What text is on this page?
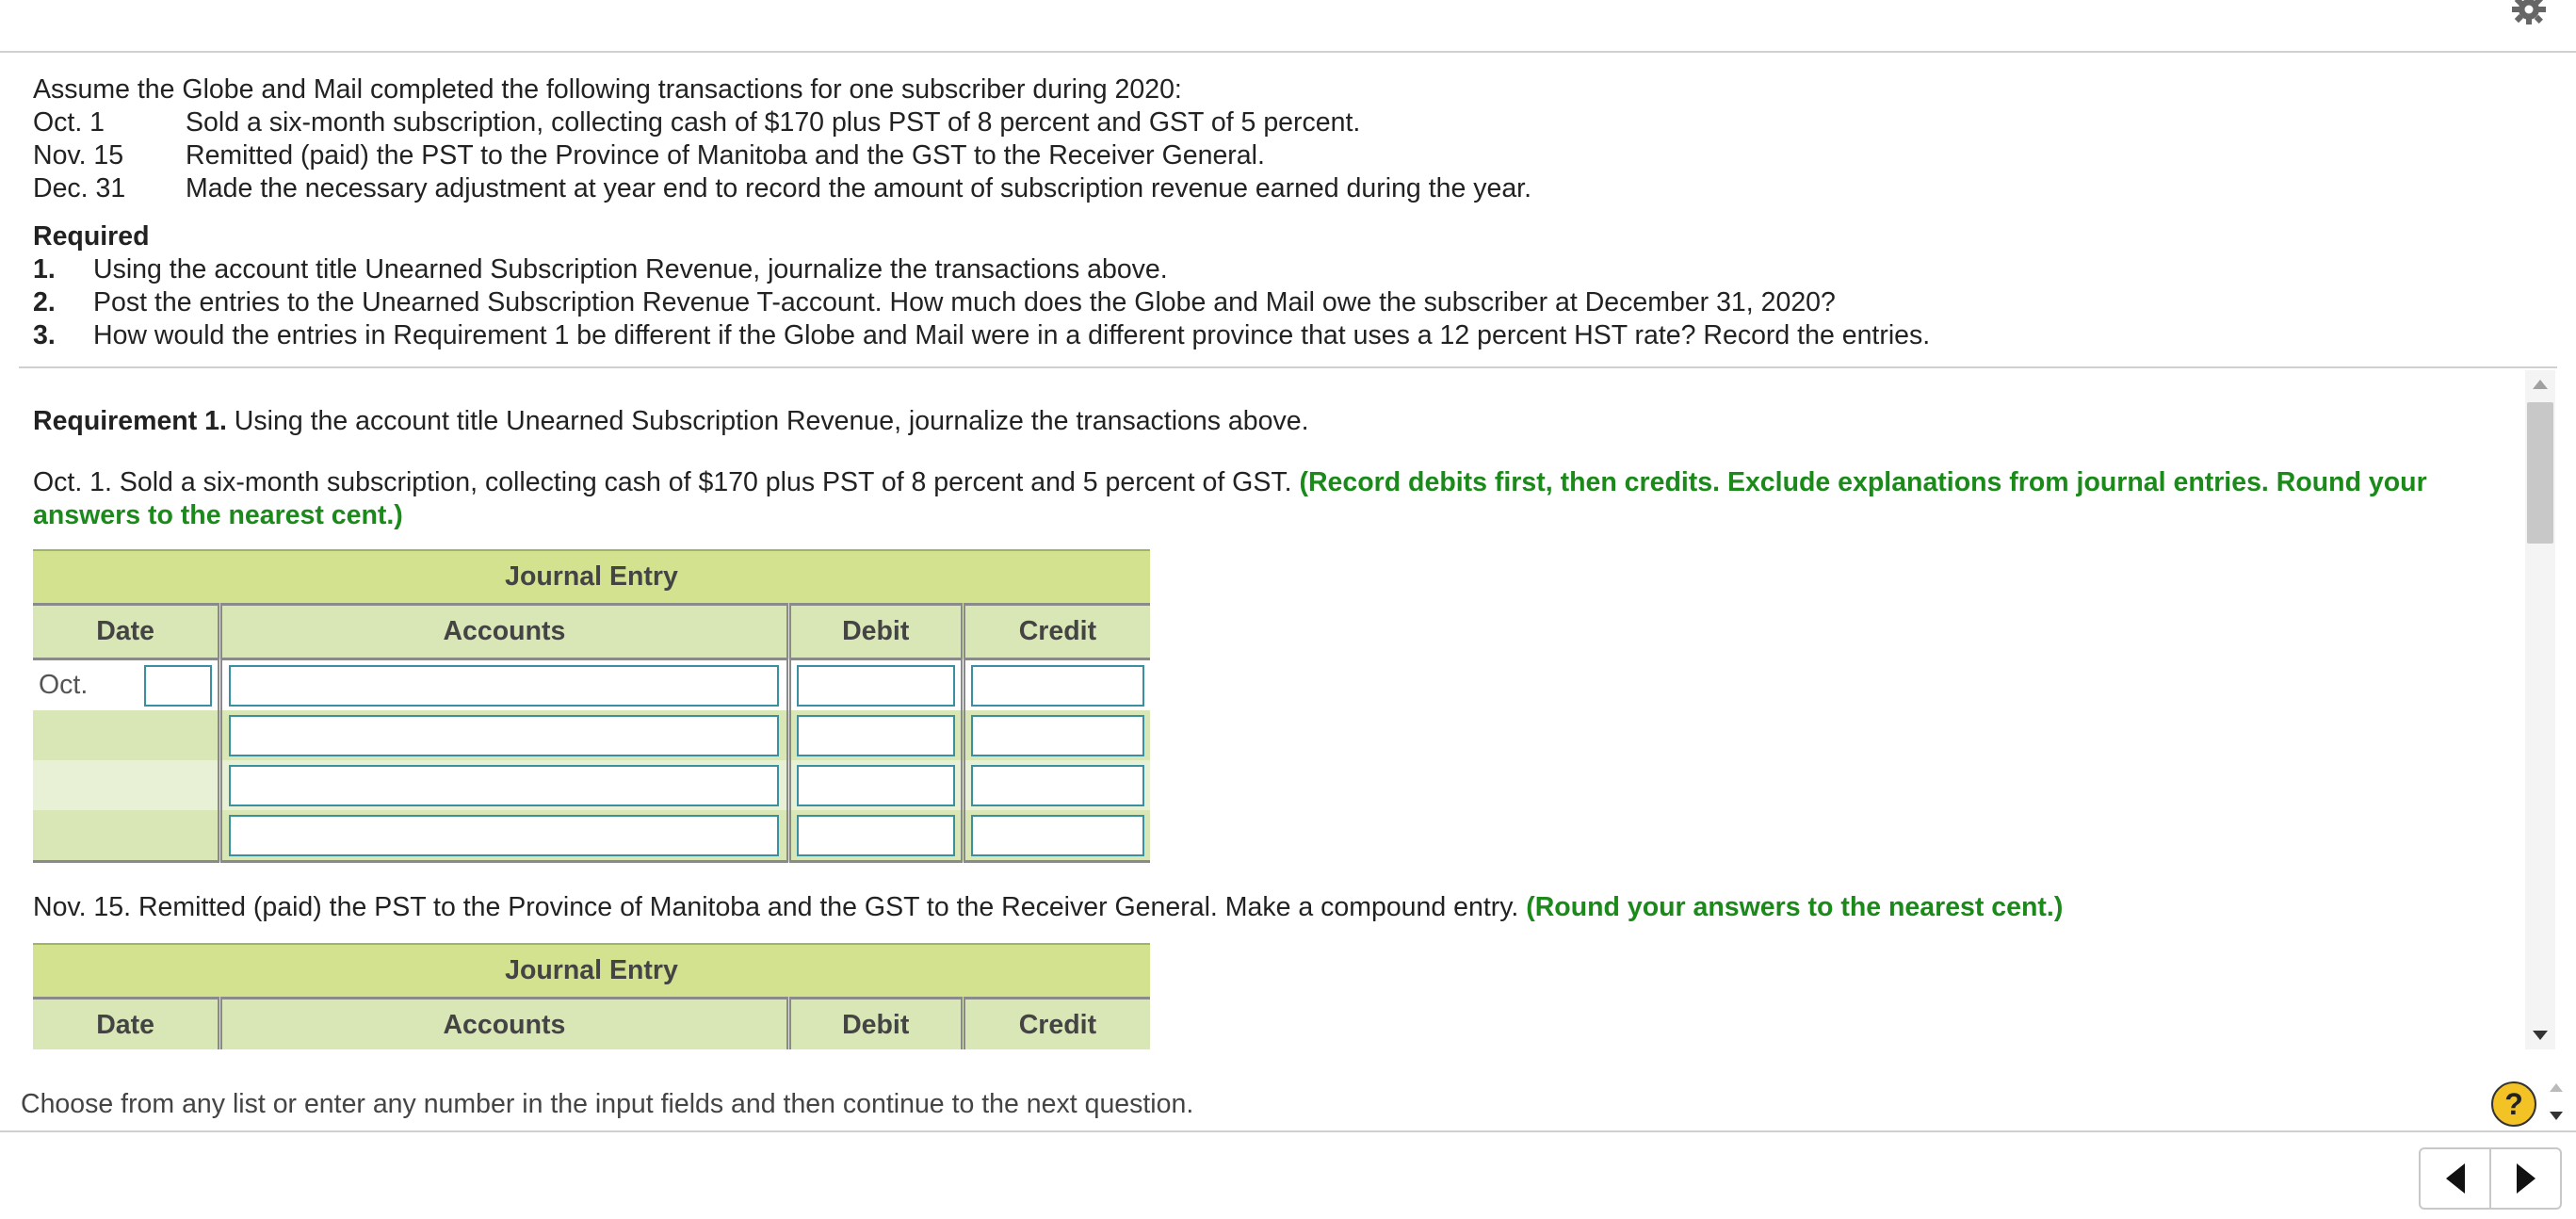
Assume the Globe and Mail completed the following transactions for one subscriber during 2020:
Oct. 1	Sold a six-month subscription, collecting cash of $170 plus PST of 8 percent and GST of 5 percent.
Nov. 15	Remitted (paid) the PST to the Province of Manitoba and the GST to the Receiver General.
Dec. 31	Made the necessary adjustment at year end to record the amount of subscription revenue earned during the year.
Required
1.	Using the account title Unearned Subscription Revenue, journalize the transactions above.
2.	Post the entries to the Unearned Subscription Revenue T-account. How much does the Globe and Mail owe the subscriber at December 31, 2020?
3.	How would the entries in Requirement 1 be different if the Globe and Mail were in a different province that uses a 12 percent HST rate? Record the entries.
Requirement 1. Using the account title Unearned Subscription Revenue, journalize the transactions above.
Oct. 1. Sold a six-month subscription, collecting cash of $170 plus PST of 8 percent and 5 percent of GST. (Record debits first, then credits. Exclude explanations from journal entries. Round your answers to the nearest cent.)
Journal Entry			
Date	Accounts	Debit	Credit

Oct.

Nov. 15. Remitted (paid) the PST to the Province of Manitoba and the GST to the Receiver General. Make a compound entry. (Round your answers to the nearest cent.)
Journal Entry
Date	Accounts	Debit	Credit
Choose from any list or enter any number in the input fields and then continue to the next question.	?
